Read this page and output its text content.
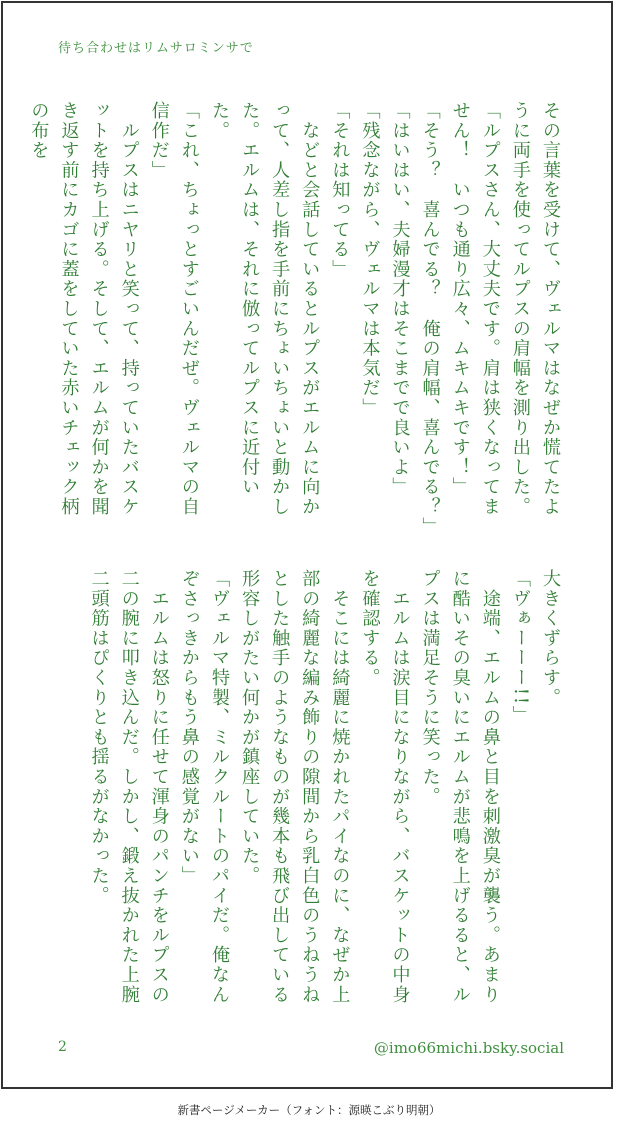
待ち合わせはリムサロミンサで

その言葉を受けて、ヴェルマはなぜか慌てたように両手を使ってルプスの肩幅を測り出した。

「ルプスさん、大丈夫です。肩は狭くなってません！　いつも通り広々、ムキムキです！」

「そう？　喜んでる？　俺の肩幅、喜んでる？」

「はいはい、夫婦漫才はそこまでで良いよ」

「残念ながら、ヴェルマは本気だ」

「それは知ってる」

　などと会話しているとルプスがエルムに向かって、人差し指を手前にちょいちょいと動かした。エルムは、それに倣ってルプスに近付いた。

「これ、ちょっとすごいんだぜ。ヴェルマの自信作だ」

　ルプスはニヤリと笑って、持っていたバスケットを持ち上げる。そして、エルムが何かを聞き返す前にカゴに蓋をしていた赤いチェック柄の布を

大きくずらす。

「ヴぁーーー!!」

　途端、エルムの鼻と目を刺激臭が襲う。あまりに酷いその臭いにエルムが悲鳴を上げるると、ルプスは満足そうに笑った。

　エルムは涙目になりながら、バスケットの中身を確認する。

　そこには綺麗に焼かれたパイなのに、なぜか上部の綺麗な編み飾りの隙間から乳白色のうねうねとした触手のようなものが幾本も飛び出している形容しがたい何かが鎮座していた。

「ヴェルマ特製、ミルクルートのパイだ。俺なんぞさっきからもう鼻の感覚がない」

　エルムは怒りに任せて渾身のパンチをルプスの二の腕に叩き込んだ。しかし、鍛え抜かれた上腕二頭筋はぴくりとも揺るがなかった。

2	@imo66michi.bsky.social
新書ページメーカー（フォント：源暎こぶり明朝）
